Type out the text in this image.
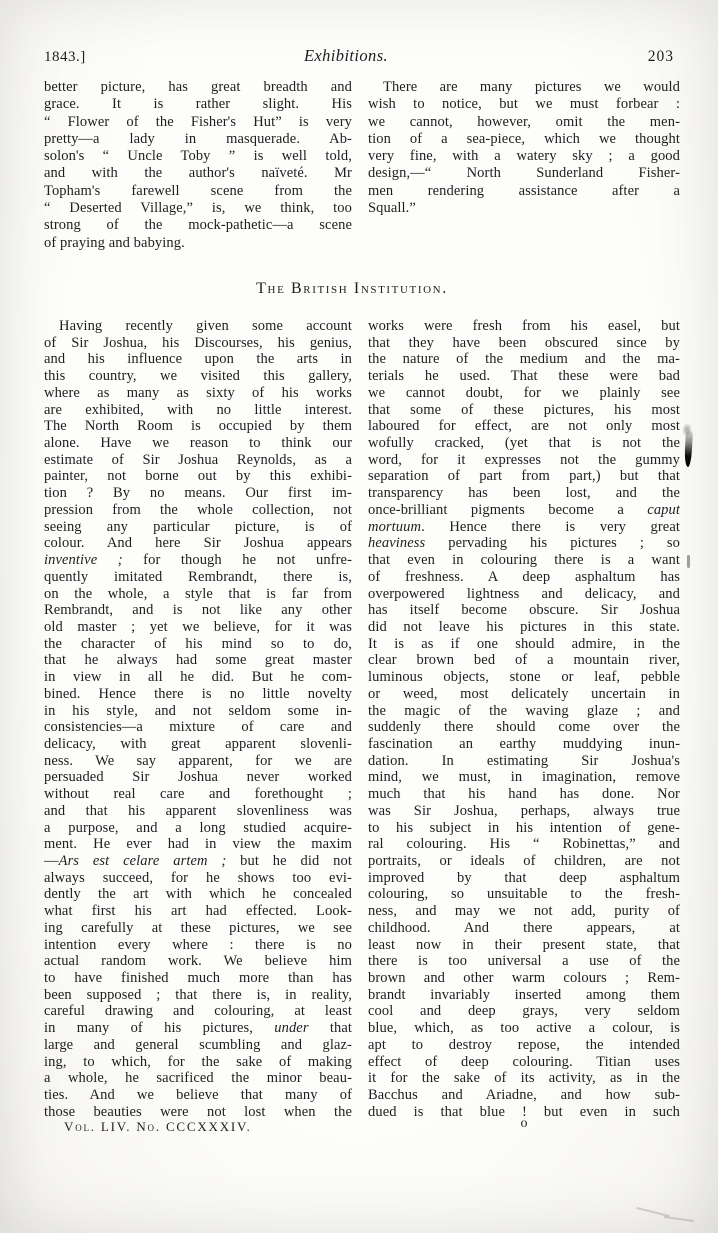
1843.]	Exhibitions.	203
better picture, has great breadth and
grace. It is rather slight. His
“ Flower of the Fisher's Hut” is very
pretty—a lady in masquerade. Ab-
solon's “ Uncle Toby ” is well told,
and with the author's naïveté. Mr
Topham's farewell scene from the
“ Deserted Village,” is, we think, too
strong of the mock-pathetic—a scene
of praying and babying.
There are many pictures we would
wish to notice, but we must forbear :
we cannot, however, omit the men-
tion of a sea-piece, which we thought
very fine, with a watery sky ; a good
design,—“ North Sunderland Fisher-
men rendering assistance after a
Squall.”
The British Institution.
Having recently given some account
of Sir Joshua, his Discourses, his genius,
and his influence upon the arts in
this country, we visited this gallery,
where as many as sixty of his works
are exhibited, with no little interest.
The North Room is occupied by them
alone. Have we reason to think our
estimate of Sir Joshua Reynolds, as a
painter, not borne out by this exhibi-
tion ? By no means. Our first im-
pression from the whole collection, not
seeing any particular picture, is of
colour. And here Sir Joshua appears
inventive ; for though he not unfre-
quently imitated Rembrandt, there is,
on the whole, a style that is far from
Rembrandt, and is not like any other
old master ; yet we believe, for it was
the character of his mind so to do,
that he always had some great master
in view in all he did. But he com-
bined. Hence there is no little novelty
in his style, and not seldom some in-
consistencies—a mixture of care and
delicacy, with great apparent slovenli-
ness. We say apparent, for we are
persuaded Sir Joshua never worked
without real care and forethought ;
and that his apparent slovenliness was
a purpose, and a long studied acquire-
ment. He ever had in view the maxim
—Ars est celare artem ; but he did not
always succeed, for he shows too evi-
dently the art with which he concealed
what first his art had effected. Look-
ing carefully at these pictures, we see
intention every where : there is no
actual random work. We believe him
to have finished much more than has
been supposed ; that there is, in reality,
careful drawing and colouring, at least
in many of his pictures, under that
large and general scumbling and glaz-
ing, to which, for the sake of making
a whole, he sacrificed the minor beau-
ties. And we believe that many of
those beauties were not lost when the
works were fresh from his easel, but
that they have been obscured since by
the nature of the medium and the ma-
terials he used. That these were bad
we cannot doubt, for we plainly see
that some of these pictures, his most
laboured for effect, are not only most
wofully cracked, (yet that is not the
word, for it expresses not the gummy
separation of part from part,) but that
transparency has been lost, and the
once-brilliant pigments become a caput
mortuum. Hence there is very great
heaviness pervading his pictures ; so
that even in colouring there is a want
of freshness. A deep asphaltum has
overpowered lightness and delicacy, and
has itself become obscure. Sir Joshua
did not leave his pictures in this state.
It is as if one should admire, in the
clear brown bed of a mountain river,
luminous objects, stone or leaf, pebble
or weed, most delicately uncertain in
the magic of the waving glaze ; and
suddenly there should come over the
fascination an earthy muddying inun-
dation. In estimating Sir Joshua's
mind, we must, in imagination, remove
much that his hand has done. Nor
was Sir Joshua, perhaps, always true
to his subject in his intention of gene-
ral colouring. His “ Robinettas,” and
portraits, or ideals of children, are not
improved by that deep asphaltum
colouring, so unsuitable to the fresh-
ness, and may we not add, purity of
childhood. And there appears, at
least now in their present state, that
there is too universal a use of the
brown and other warm colours ; Rem-
brandt invariably inserted among them
cool and deep grays, very seldom
blue, which, as too active a colour, is
apt to destroy repose, the intended
effect of deep colouring. Titian uses
it for the sake of its activity, as in the
Bacchus and Ariadne, and how sub-
dued is that blue ! but even in such
Vol. LIV. No. CCCXXXIV.	o
